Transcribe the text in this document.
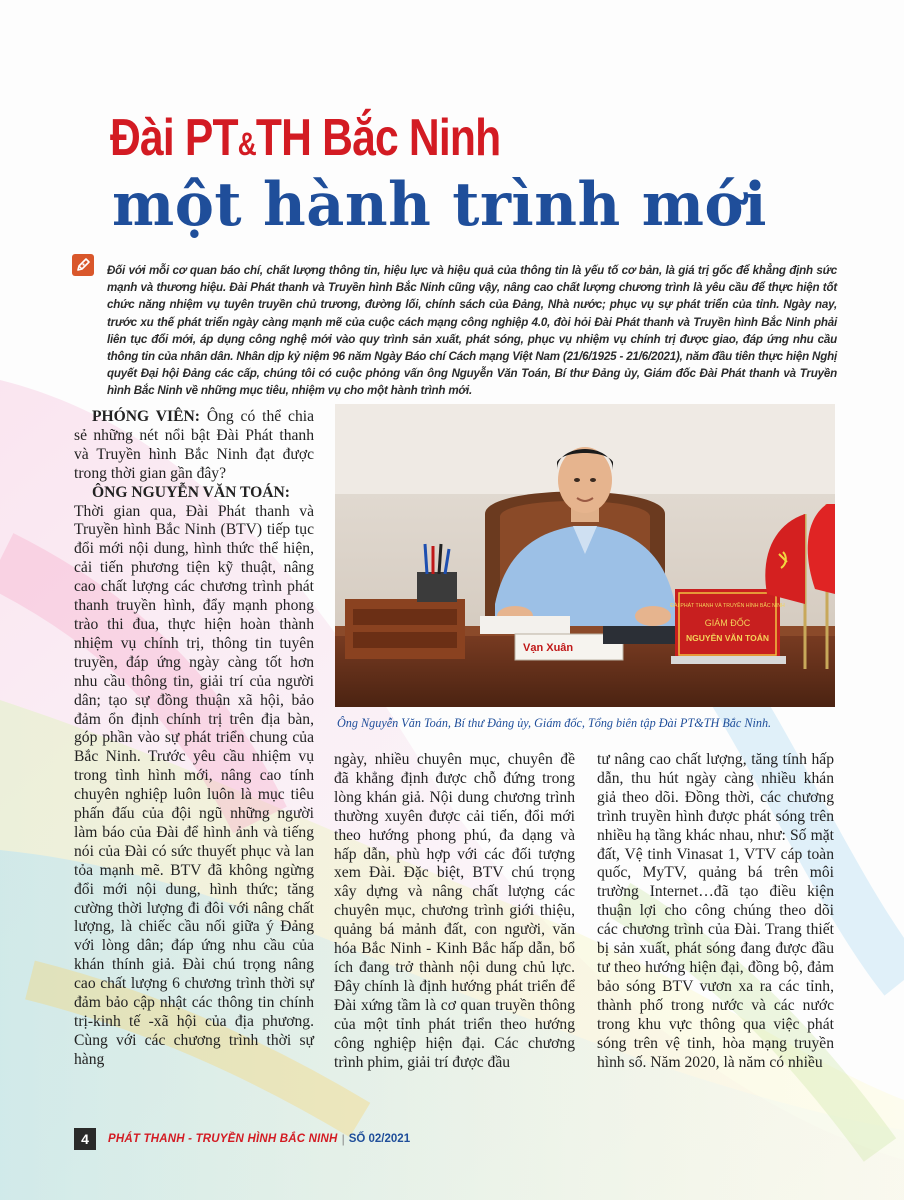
Đài PT&TH Bắc Ninh
một hành trình mới
Đối với mỗi cơ quan báo chí, chất lượng thông tin, hiệu lực và hiệu quả của thông tin là yếu tố cơ bản, là giá trị gốc để khẳng định sức mạnh và thương hiệu. Đài Phát thanh và Truyền hình Bắc Ninh cũng vậy, nâng cao chất lượng chương trình là yêu cầu để thực hiện tốt chức năng nhiệm vụ tuyên truyền chủ trương, đường lối, chính sách của Đảng, Nhà nước; phục vụ sự phát triển của tỉnh. Ngày nay, trước xu thế phát triển ngày càng mạnh mẽ của cuộc cách mạng công nghiệp 4.0, đòi hỏi Đài Phát thanh và Truyền hình Bắc Ninh phải liên tục đổi mới, áp dụng công nghệ mới vào quy trình sản xuất, phát sóng, phục vụ nhiệm vụ chính trị được giao, đáp ứng nhu cầu thông tin của nhân dân. Nhân dịp kỷ niệm 96 năm Ngày Báo chí Cách mạng Việt Nam (21/6/1925 - 21/6/2021), năm đầu tiên thực hiện Nghị quyết Đại hội Đảng các cấp, chúng tôi có cuộc phỏng vấn ông Nguyễn Văn Toán, Bí thư Đảng ủy, Giám đốc Đài Phát thanh và Truyền hình Bắc Ninh về những mục tiêu, nhiệm vụ cho một hành trình mới.

PHÓNG VIÊN: Ông có thể chia sẻ những nét nổi bật Đài Phát thanh và Truyền hình Bắc Ninh đạt được trong thời gian gần đây?

ÔNG NGUYỄN VĂN TOÁN:

Thời gian qua, Đài Phát thanh và Truyền hình Bắc Ninh (BTV) tiếp tục đổi mới nội dung, hình thức thể hiện, cải tiến phương tiện kỹ thuật, nâng cao chất lượng các chương trình phát thanh truyền hình, đẩy mạnh phong trào thi đua, thực hiện hoàn thành nhiệm vụ chính trị, thông tin tuyên truyền, đáp ứng ngày càng tốt hơn nhu cầu thông tin, giải trí của người dân; tạo sự đồng thuận xã hội, bảo đảm ổn định chính trị trên địa bàn, góp phần vào sự phát triển chung của Bắc Ninh. Trước yêu cầu nhiệm vụ trong tình hình mới, nâng cao tính chuyên nghiệp luôn luôn là mục tiêu phấn đấu của đội ngũ những người làm báo của Đài để hình ảnh và tiếng nói của Đài có sức thuyết phục và lan tỏa mạnh mẽ. BTV đã không ngừng đổi mới nội dung, hình thức; tăng cường thời lượng đi đôi với nâng chất lượng, là chiếc cầu nối giữa ý Đảng với lòng dân; đáp ứng nhu cầu của khán thính giả. Đài chú trọng nâng cao chất lượng 6 chương trình thời sự đảm bảo cập nhật các thông tin chính trị-kinh tế -xã hội của địa phương. Cùng với các chương trình thời sự hàng

Vạn Xuân
ĐÀI PHÁT THANH VÀ TRUYỀN HÌNH BẮC NINH
GIÁM ĐỐC
NGUYỄN VĂN TOÁN
Ông Nguyễn Văn Toán, Bí thư Đảng ủy, Giám đốc, Tổng biên tập Đài PT&TH Bắc Ninh.
ngày, nhiều chuyên mục, chuyên đề đã khẳng định được chỗ đứng trong lòng khán giả. Nội dung chương trình thường xuyên được cải tiến, đổi mới theo hướng phong phú, đa dạng và hấp dẫn, phù hợp với các đối tượng xem Đài. Đặc biệt, BTV chú trọng xây dựng và nâng chất lượng các chuyên mục, chương trình giới thiệu, quảng bá mảnh đất, con người, văn hóa Bắc Ninh - Kinh Bắc hấp dẫn, bổ ích đang trở thành nội dung chủ lực. Đây chính là định hướng phát triển để Đài xứng tầm là cơ quan truyền thông của một tỉnh phát triển theo hướng công nghiệp hiện đại. Các chương trình phim, giải trí được đầu
tư nâng cao chất lượng, tăng tính hấp dẫn, thu hút ngày càng nhiều khán giả theo dõi. Đồng thời, các chương trình truyền hình được phát sóng trên nhiều hạ tầng khác nhau, như: Số mặt đất, Vệ tinh Vinasat 1, VTV cáp toàn quốc, MyTV, quảng bá trên môi trường Internet…đã tạo điều kiện thuận lợi cho công chúng theo dõi các chương trình của Đài. Trang thiết bị sản xuất, phát sóng đang được đầu tư theo hướng hiện đại, đồng bộ, đảm bảo sóng BTV vươn xa ra các tỉnh, thành phố trong nước và các nước trong khu vực thông qua việc phát sóng trên vệ tinh, hòa mạng truyền hình số. Năm 2020, là năm có nhiều
4	PHÁT THANH - TRUYỀN HÌNH BẮC NINH | SỐ 02/2021
